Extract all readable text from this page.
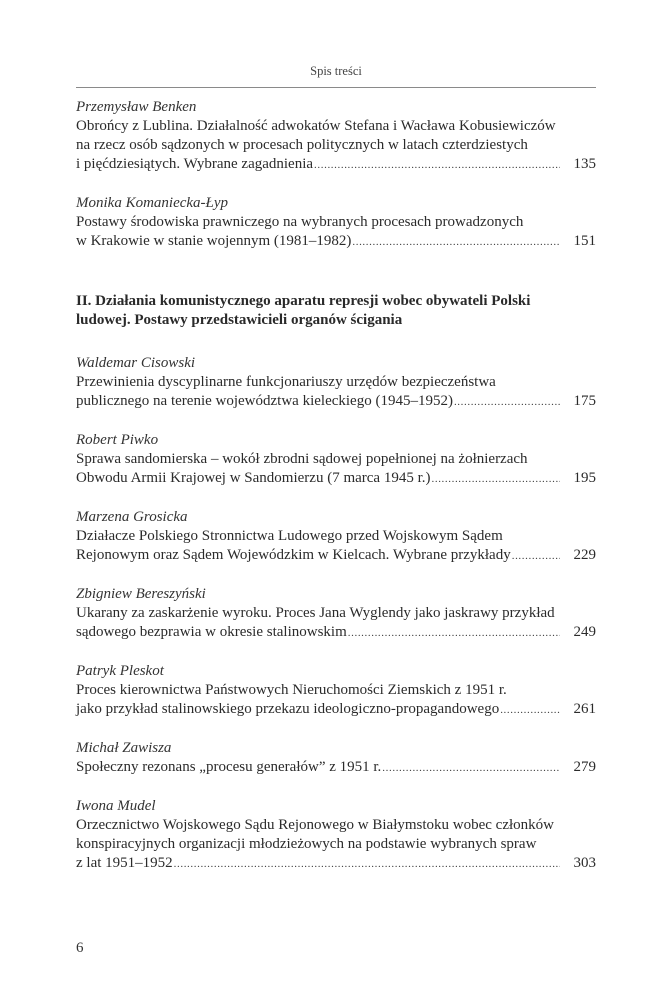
Spis treści
Przemysław Benken
Obrońcy z Lublina. Działalność adwokatów Stefana i Wacława Kobusiewiczów
na rzecz osób sądzonych w procesach politycznych w latach czterdziestych
i pięćdziesiątych. Wybrane zagadnienia .....	135
Monika Komaniecka-Łyp
Postawy środowiska prawniczego na wybranych procesach prowadzonych
w Krakowie w stanie wojennym (1981–1982) .....	151
II. Działania komunistycznego aparatu represji wobec obywateli Polski
ludowej. Postawy przedstawicieli organów ścigania
Waldemar Cisowski
Przewinienia dyscyplinarne funkcjonariuszy urzędów bezpieczeństwa
publicznego na terenie województwa kieleckiego (1945–1952) .....	175
Robert Piwko
Sprawa sandomierska – wokół zbrodni sądowej popełnionej na żołnierzach
Obwodu Armii Krajowej w Sandomierzu (7 marca 1945 r.) .....	195
Marzena Grosicka
Działacze Polskiego Stronnictwa Ludowego przed Wojskowym Sądem
Rejonowym oraz Sądem Wojewódzkim w Kielcach. Wybrane przykłady .....	229
Zbigniew Bereszyński
Ukarany za zaskarżenie wyroku. Proces Jana Wyglendy jako jaskrawy przykład
sądowego bezprawia w okresie stalinowskim .....	249
Patryk Pleskot
Proces kierownictwa Państwowych Nieruchomości Ziemskich z 1951 r.
jako przykład stalinowskiego przekazu ideologiczno-propagandowego .....	261
Michał Zawisza
Społeczny rezonans „procesu generałów” z 1951 r. .....	279
Iwona Mudel
Orzecznictwo Wojskowego Sądu Rejonowego w Białymstoku wobec członków
konspiracyjnych organizacji młodzieżowych na podstawie wybranych spraw
z lat 1951–1952 .....	303
6
